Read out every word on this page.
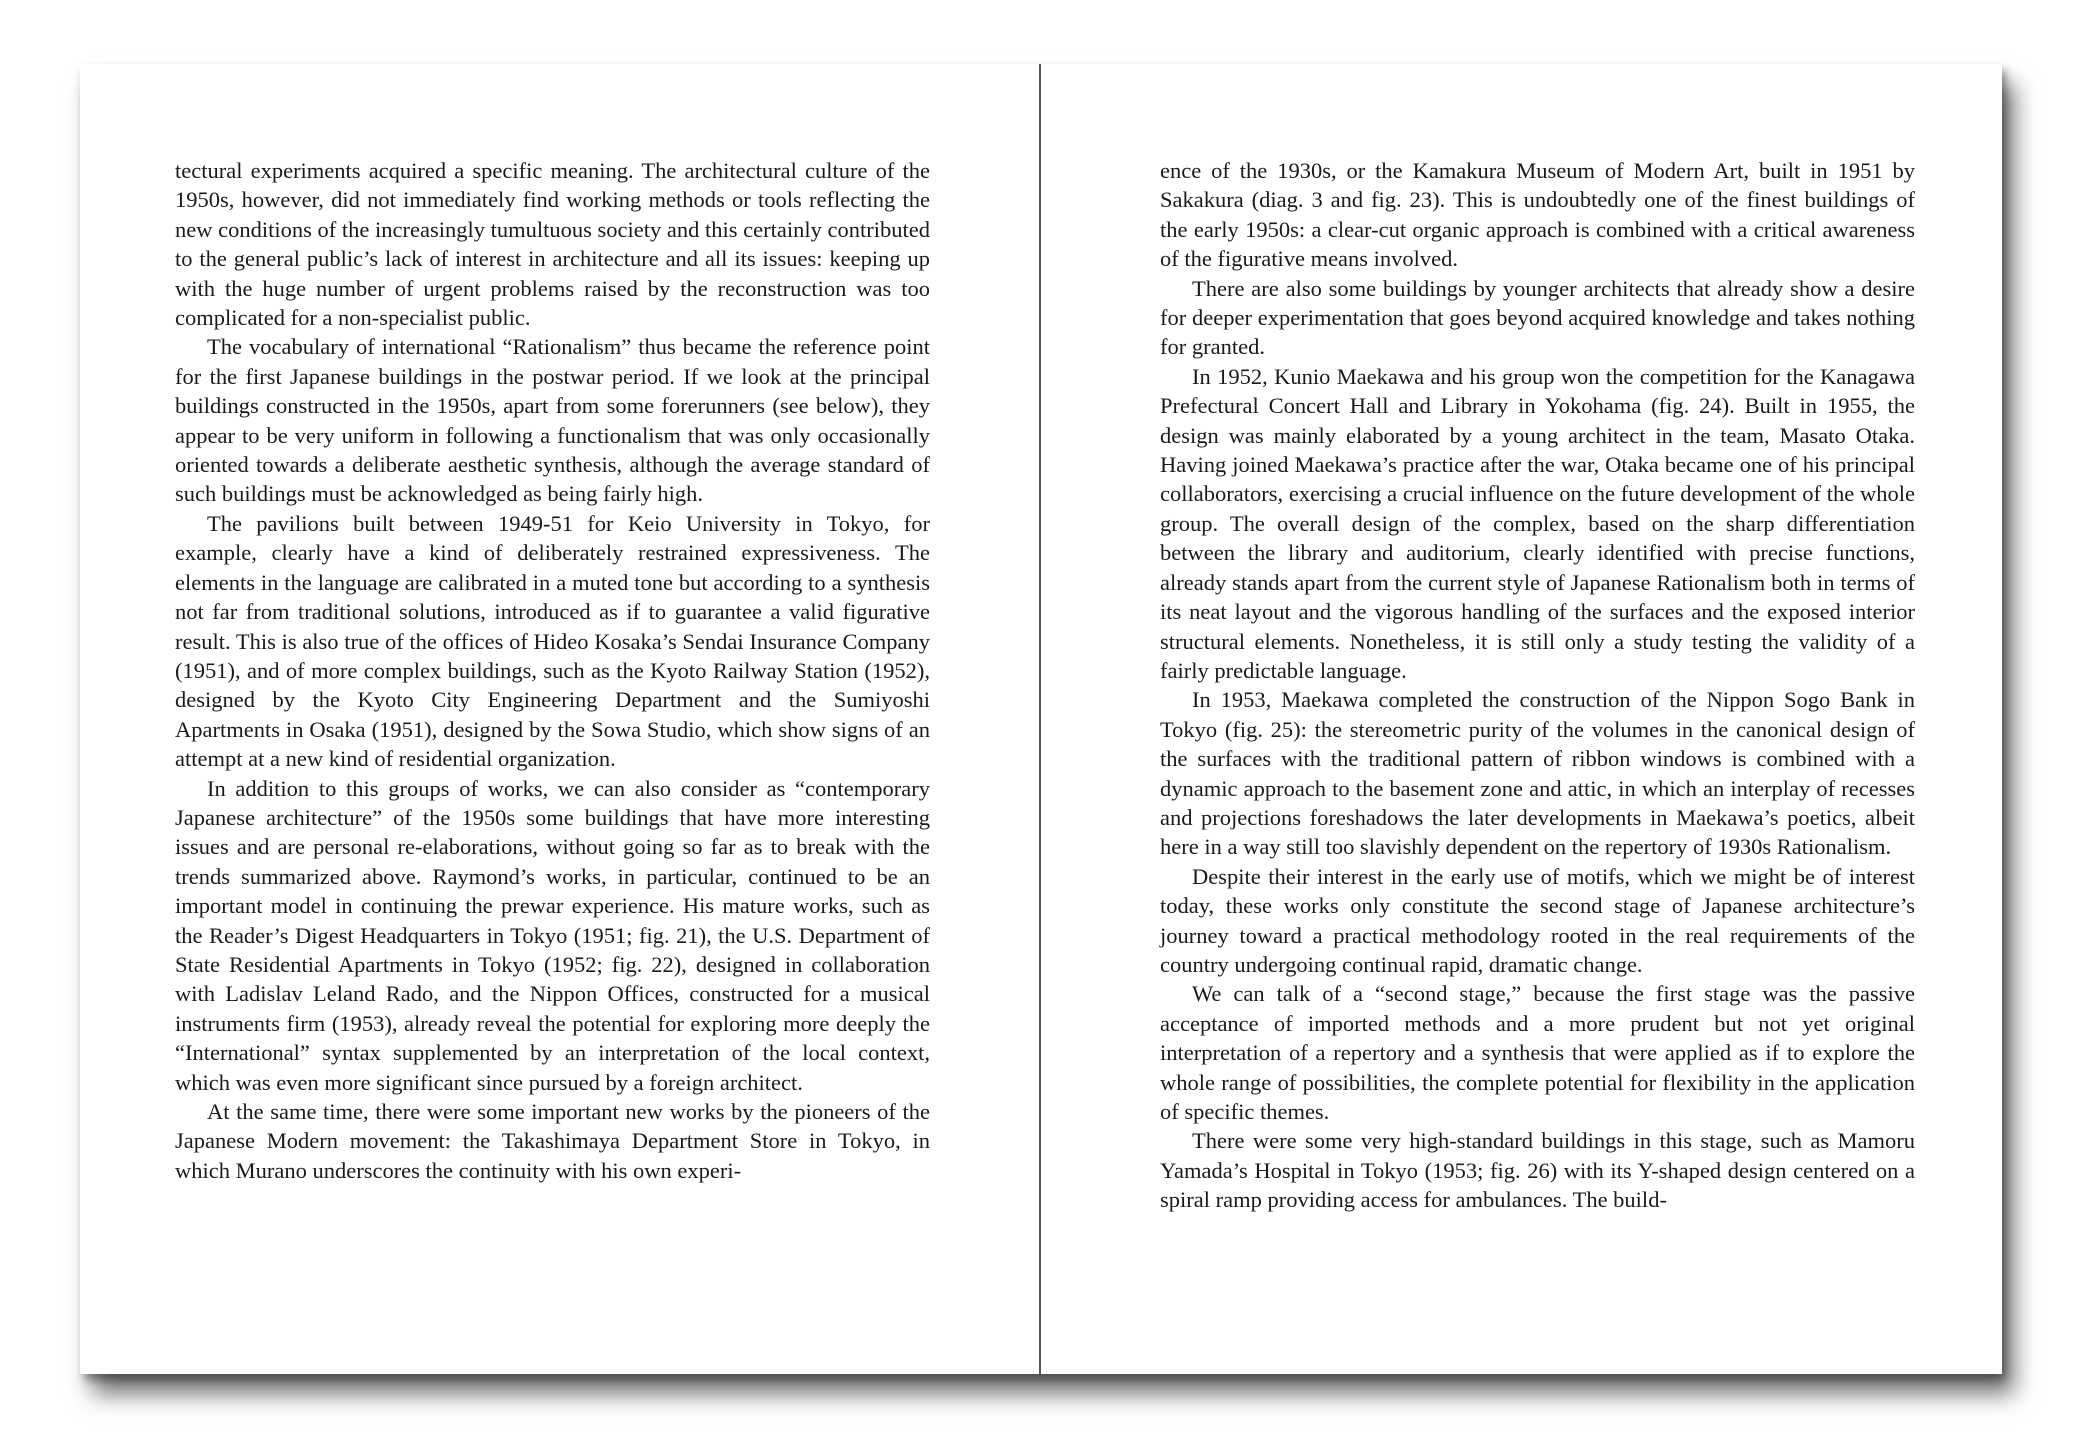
tectural experiments acquired a specific meaning. The architectural culture of the 1950s, however, did not immediately find working methods or tools reflecting the new conditions of the increasingly tumultuous society and this certainly contributed to the general public’s lack of interest in architecture and all its issues: keeping up with the huge number of urgent problems raised by the reconstruction was too complicated for a non-specialist public.

The vocabulary of international “Rationalism” thus became the reference point for the first Japanese buildings in the postwar period. If we look at the principal buildings constructed in the 1950s, apart from some forerunners (see below), they appear to be very uniform in following a functionalism that was only occasionally oriented towards a deliberate aesthetic synthesis, although the average standard of such buildings must be acknowledged as being fairly high.

The pavilions built between 1949-51 for Keio University in Tokyo, for example, clearly have a kind of deliberately restrained expressiveness. The elements in the language are calibrated in a muted tone but according to a synthesis not far from traditional solutions, introduced as if to guarantee a valid figurative result. This is also true of the offices of Hideo Kosaka’s Sendai Insurance Company (1951), and of more complex buildings, such as the Kyoto Railway Station (1952), designed by the Kyoto City Engineering Department and the Sumiyoshi Apartments in Osaka (1951), designed by the Sowa Studio, which show signs of an attempt at a new kind of residential organization.

In addition to this groups of works, we can also consider as “contemporary Japanese architecture” of the 1950s some buildings that have more interesting issues and are personal re-elaborations, without going so far as to break with the trends summarized above. Raymond’s works, in particular, continued to be an important model in continuing the prewar experience. His mature works, such as the Reader’s Digest Headquarters in Tokyo (1951; fig. 21), the U.S. Department of State Residential Apartments in Tokyo (1952; fig. 22), designed in collaboration with Ladislav Leland Rado, and the Nippon Offices, constructed for a musical instruments firm (1953), already reveal the potential for exploring more deeply the “International” syntax supplemented by an interpretation of the local context, which was even more significant since pursued by a foreign architect.

At the same time, there were some important new works by the pioneers of the Japanese Modern movement: the Takashimaya Department Store in Tokyo, in which Murano underscores the continuity with his own experi-

ence of the 1930s, or the Kamakura Museum of Modern Art, built in 1951 by Sakakura (diag. 3 and fig. 23). This is undoubtedly one of the finest buildings of the early 1950s: a clear-cut organic approach is combined with a critical awareness of the figurative means involved.

There are also some buildings by younger architects that already show a desire for deeper experimentation that goes beyond acquired knowledge and takes nothing for granted.

In 1952, Kunio Maekawa and his group won the competition for the Kanagawa Prefectural Concert Hall and Library in Yokohama (fig. 24). Built in 1955, the design was mainly elaborated by a young architect in the team, Masato Otaka. Having joined Maekawa’s practice after the war, Otaka became one of his principal collaborators, exercising a crucial influence on the future development of the whole group. The overall design of the complex, based on the sharp differentiation between the library and auditorium, clearly identified with precise functions, already stands apart from the current style of Japanese Rationalism both in terms of its neat layout and the vigorous handling of the surfaces and the exposed interior structural elements. Nonetheless, it is still only a study testing the validity of a fairly predictable language.

In 1953, Maekawa completed the construction of the Nippon Sogo Bank in Tokyo (fig. 25): the stereometric purity of the volumes in the canonical design of the surfaces with the traditional pattern of ribbon windows is combined with a dynamic approach to the basement zone and attic, in which an interplay of recesses and projections foreshadows the later developments in Maekawa’s poetics, albeit here in a way still too slavishly dependent on the repertory of 1930s Rationalism.

Despite their interest in the early use of motifs, which we might be of interest today, these works only constitute the second stage of Japanese architecture’s journey toward a practical methodology rooted in the real requirements of the country undergoing continual rapid, dramatic change.

We can talk of a “second stage,” because the first stage was the passive acceptance of imported methods and a more prudent but not yet original interpretation of a repertory and a synthesis that were applied as if to explore the whole range of possibilities, the complete potential for flexibility in the application of specific themes.

There were some very high-standard buildings in this stage, such as Mamoru Yamada’s Hospital in Tokyo (1953; fig. 26) with its Y-shaped design centered on a spiral ramp providing access for ambulances. The build-
